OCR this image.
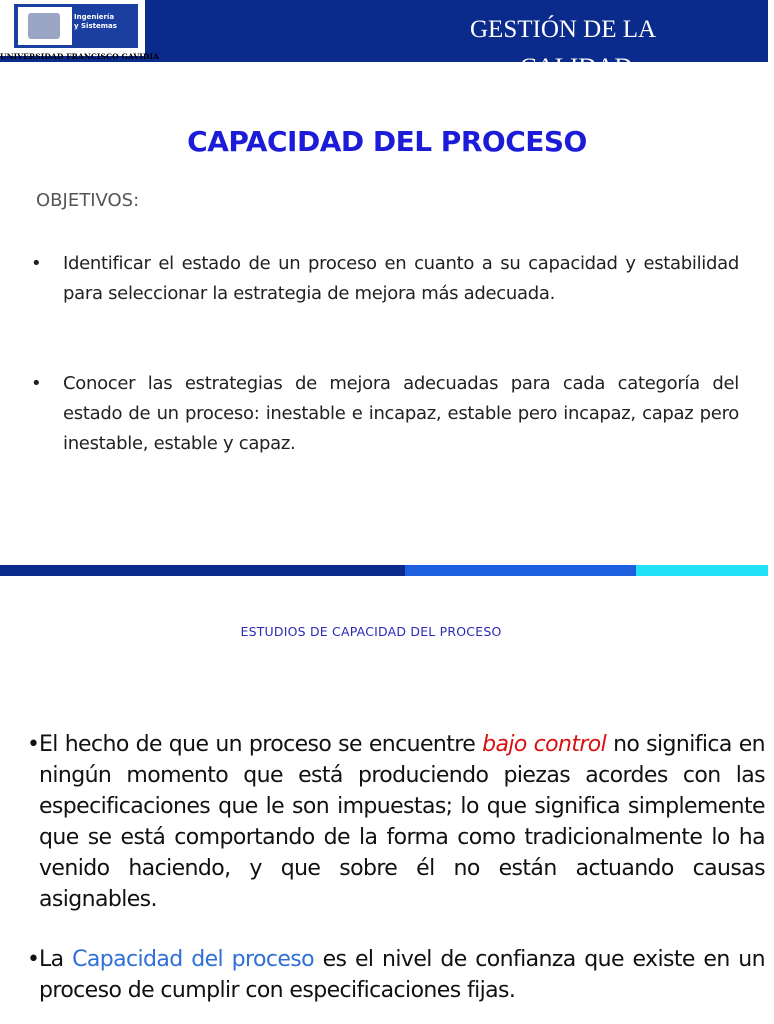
Ingeniería
y Sistemas	GESTIÓN DE LA
CALIDAD
UNIVERSIDAD FRANCISCO GAVIDIA
CAPACIDAD DEL PROCESO
OBJETIVOS:
• Identificar el estado de un proceso en cuanto a su capacidad y estabilidad para seleccionar la estrategia de mejora más adecuada.
• Conocer las estrategias de mejora adecuadas para cada categoría del estado de un proceso: inestable e incapaz, estable pero incapaz, capaz pero inestable, estable y capaz.
ESTUDIOS DE CAPACIDAD DEL PROCESO
• El hecho de que un proceso se encuentre bajo control no significa en ningún momento que está produciendo piezas acordes con las especificaciones que le son impuestas; lo que significa simplemente que se está comportando de la forma como tradicionalmente lo ha venido haciendo, y que sobre él no están actuando causas asignables.
• La Capacidad del proceso es el nivel de confianza que existe en un proceso de cumplir con especificaciones fijas.
